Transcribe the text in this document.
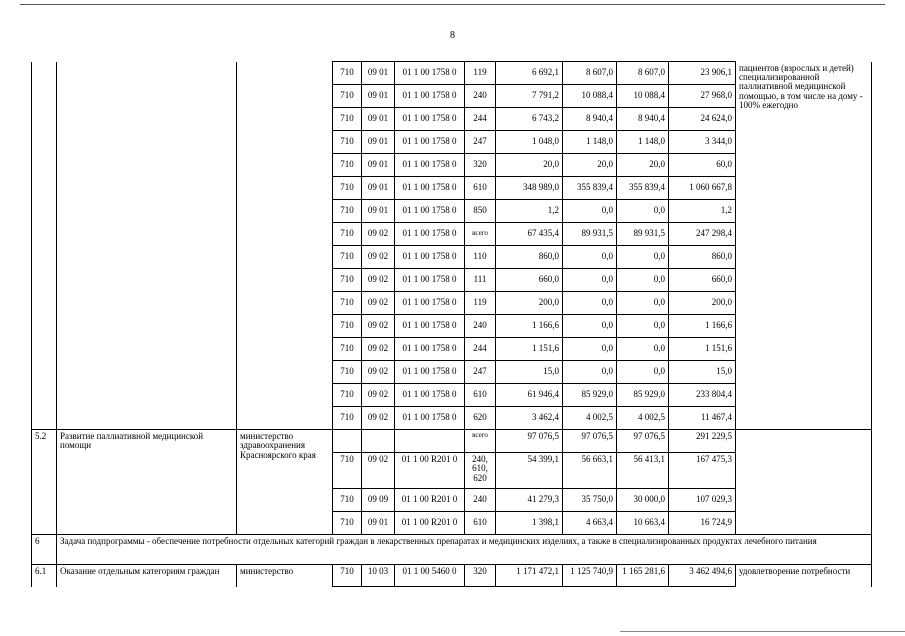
8
			710	09 01	01 1 00 1758 0	119	6 692,1	8 607,0	8 607,0	23 906,1	пациентов (взрослых и детей) специализированной паллиативной медицинской помощью, в том числе на дому - 100% ежегодно
			710	09 01	01 1 00 1758 0	240	7 791,2	10 088,4	10 088,4	27 968,0	
			710	09 01	01 1 00 1758 0	244	6 743,2	8 940,4	8 940,4	24 624,0	
			710	09 01	01 1 00 1758 0	247	1 048,0	1 148,0	1 148,0	3 344,0	
			710	09 01	01 1 00 1758 0	320	20,0	20,0	20,0	60,0	
			710	09 01	01 1 00 1758 0	610	348 989,0	355 839,4	355 839,4	1 060 667,8	
			710	09 01	01 1 00 1758 0	850	1,2	0,0	0,0	1,2	
			710	09 02	01 1 00 1758 0	всего	67 435,4	89 931,5	89 931,5	247 298,4	
			710	09 02	01 1 00 1758 0	110	860,0	0,0	0,0	860,0	
			710	09 02	01 1 00 1758 0	111	660,0	0,0	0,0	660,0	
			710	09 02	01 1 00 1758 0	119	200,0	0,0	0,0	200,0	
			710	09 02	01 1 00 1758 0	240	1 166,6	0,0	0,0	1 166,6	
			710	09 02	01 1 00 1758 0	244	1 151,6	0,0	0,0	1 151,6	
			710	09 02	01 1 00 1758 0	247	15,0	0,0	0,0	15,0	
			710	09 02	01 1 00 1758 0	610	61 946,4	85 929,0	85 929,0	233 804,4	
			710	09 02	01 1 00 1758 0	620	3 462,4	4 002,5	4 002,5	11 467,4	
5.2	Развитие паллиативной медицинской помощи	министерство здравоохранения Красноярского края				всего	97 076,5	97 076,5	97 076,5	291 229,5	
			710	09 02	01 1 00 R201 0	240, 610, 620	54 399,1	56 663,1	56 413,1	167 475,3	
			710	09 09	01 1 00 R201 0	240	41 279,3	35 750,0	30 000,0	107 029,3	
			710	09 01	01 1 00 R201 0	610	1 398,1	4 663,4	10 663,4	16 724,9	
6	Задача подпрограммы - обеспечение потребности отдельных категорий граждан в лекарственных препаратах и медицинских изделиях, а также в специализированных продуктах лечебного питания										
6.1	Оказание отдельным категориям граждан	министерство	710	10 03	01 1 00 5460 0	320	1 171 472,1	1 125 740,9	1 165 281,6	3 462 494,6	удовлетворение потребности
